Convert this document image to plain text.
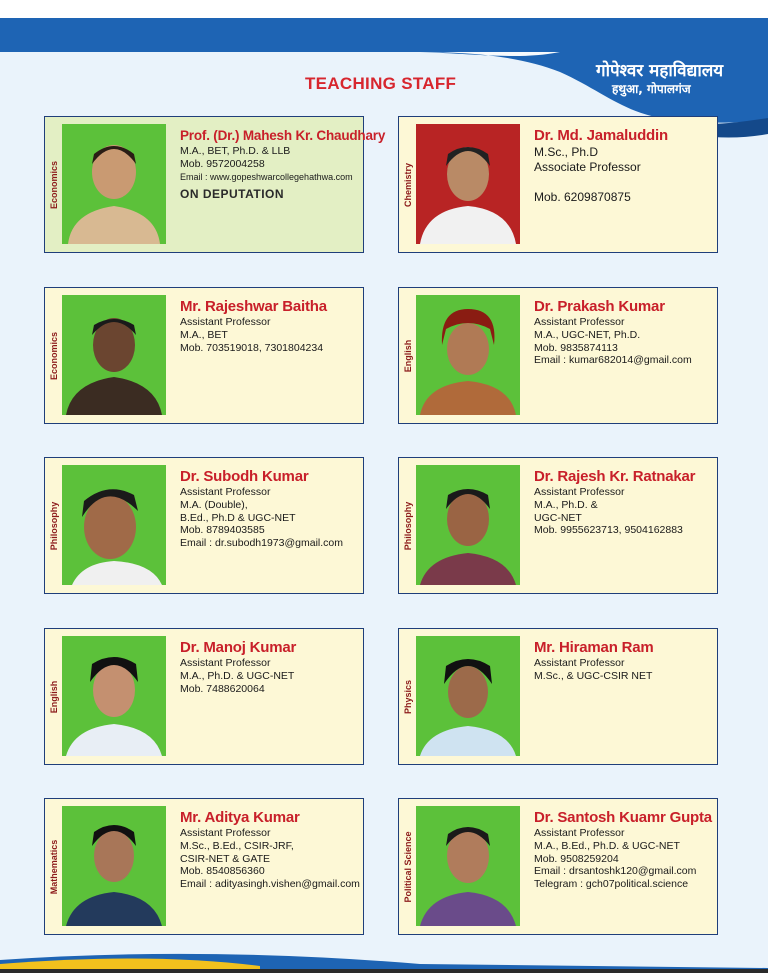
TEACHING STAFF
गोपेश्वर महाविद्यालय
हथुआ, गोपालगंज
Economics
Prof. (Dr.) Mahesh Kr. Chaudhary
M.A., BET, Ph.D. & LLB
Mob. 9572004258
Email : www.gopeshwarcollegehathwa.com
ON DEPUTATION	Chemistry
Dr. Md. Jamaluddin
M.Sc., Ph.D
Associate Professor
Mob. 6209870875
Economics
Mr. Rajeshwar Baitha
Assistant Professor
M.A., BET
Mob. 703519018, 7301804234	English
Dr. Prakash Kumar
Assistant Professor
M.A., UGC-NET, Ph.D.
Mob. 9835874113
Email : kumar682014@gmail.com
Philosophy
Dr. Subodh Kumar
Assistant Professor
M.A. (Double),
B.Ed., Ph.D & UGC-NET
Mob. 8789403585
Email : dr.subodh1973@gmail.com	Philosophy
Dr. Rajesh Kr. Ratnakar
Assistant Professor
M.A., Ph.D. &
UGC-NET
Mob. 9955623713, 9504162883
English
Dr. Manoj Kumar
Assistant Professor
M.A., Ph.D. & UGC-NET
Mob. 7488620064	Physics
Mr. Hiraman Ram
Assistant Professor
M.Sc., & UGC-CSIR NET
Mathematics
Mr. Aditya Kumar
Assistant Professor
M.Sc., B.Ed., CSIR-JRF,
CSIR-NET & GATE
Mob. 8540856360
Email : adityasingh.vishen@gmail.com	Political Science
Dr. Santosh Kuamr Gupta
Assistant Professor
M.A., B.Ed., Ph.D. & UGC-NET
Mob. 9508259204
Email : drsantoshk120@gmail.com
Telegram : gch07political.science
